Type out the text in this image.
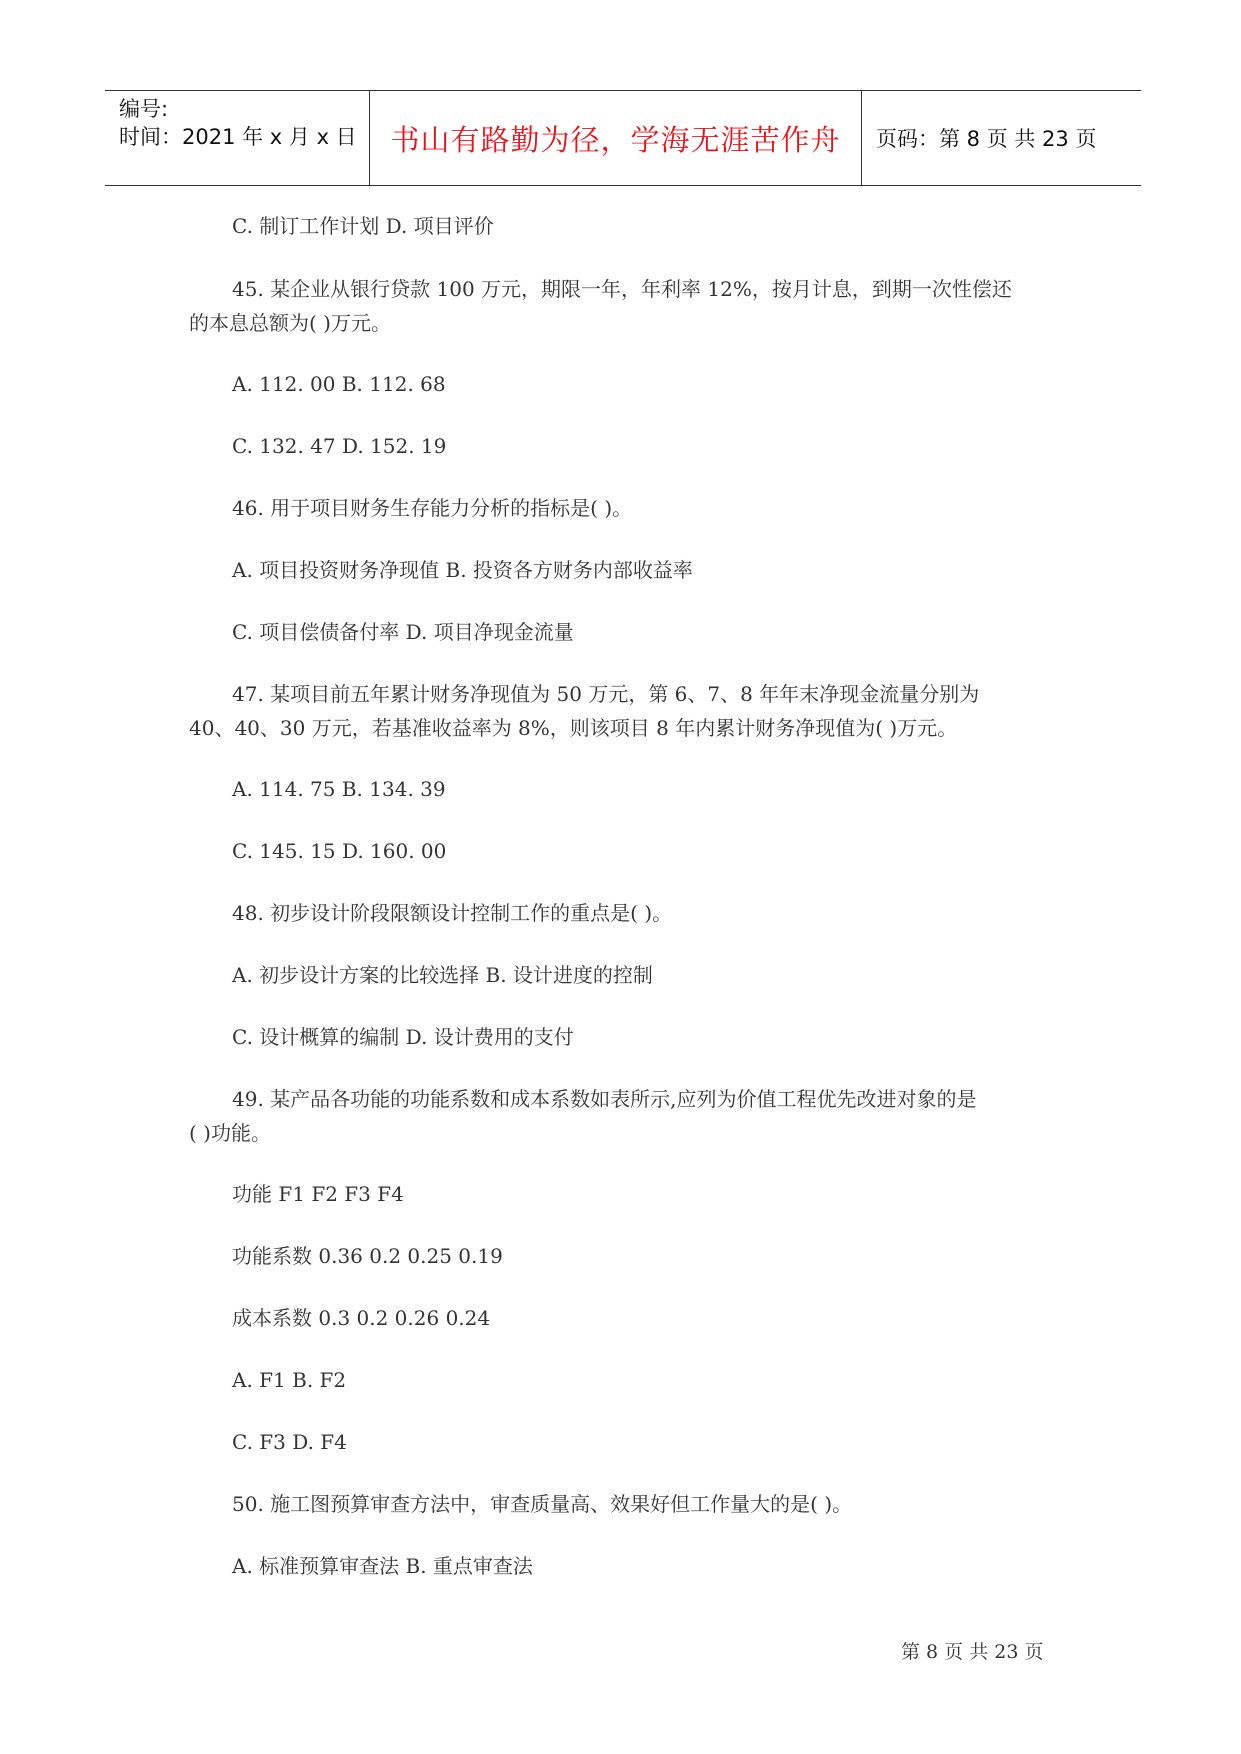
编号:
时间：2021 年 x 月 x 日 书山有路勤为径，学海无涯苦作舟 页码：第 8 页 共 23 页
C. 制订工作计划 D. 项目评价
45. 某企业从银行贷款 100 万元，期限一年，年利率 12%，按月计息，到期一次性偿还
的本息总额为( )万元。
A. 112. 00 B. 112. 68
C. 132. 47 D. 152. 19
46. 用于项目财务生存能力分析的指标是( )。
A. 项目投资财务净现值 B. 投资各方财务内部收益率
C. 项目偿债备付率 D. 项目净现金流量
47. 某项目前五年累计财务净现值为 50 万元，第 6、7、8 年年末净现金流量分别为
40、40、30 万元，若基准收益率为 8%，则该项目 8 年内累计财务净现值为( )万元。
A. 114. 75 B. 134. 39
C. 145. 15 D. 160. 00
48. 初步设计阶段限额设计控制工作的重点是( )。
A. 初步设计方案的比较选择 B. 设计进度的控制
C. 设计概算的编制 D. 设计费用的支付
49. 某产品各功能的功能系数和成本系数如表所示,应列为价值工程优先改进对象的是
( )功能。
功能 F1 F2 F3 F4
功能系数 0.36 0.2 0.25 0.19
成本系数 0.3 0.2 0.26 0.24
A. F1 B. F2
C. F3 D. F4
50. 施工图预算审查方法中，审查质量高、效果好但工作量大的是( )。
A. 标准预算审查法 B. 重点审查法
第 8 页 共 23 页
